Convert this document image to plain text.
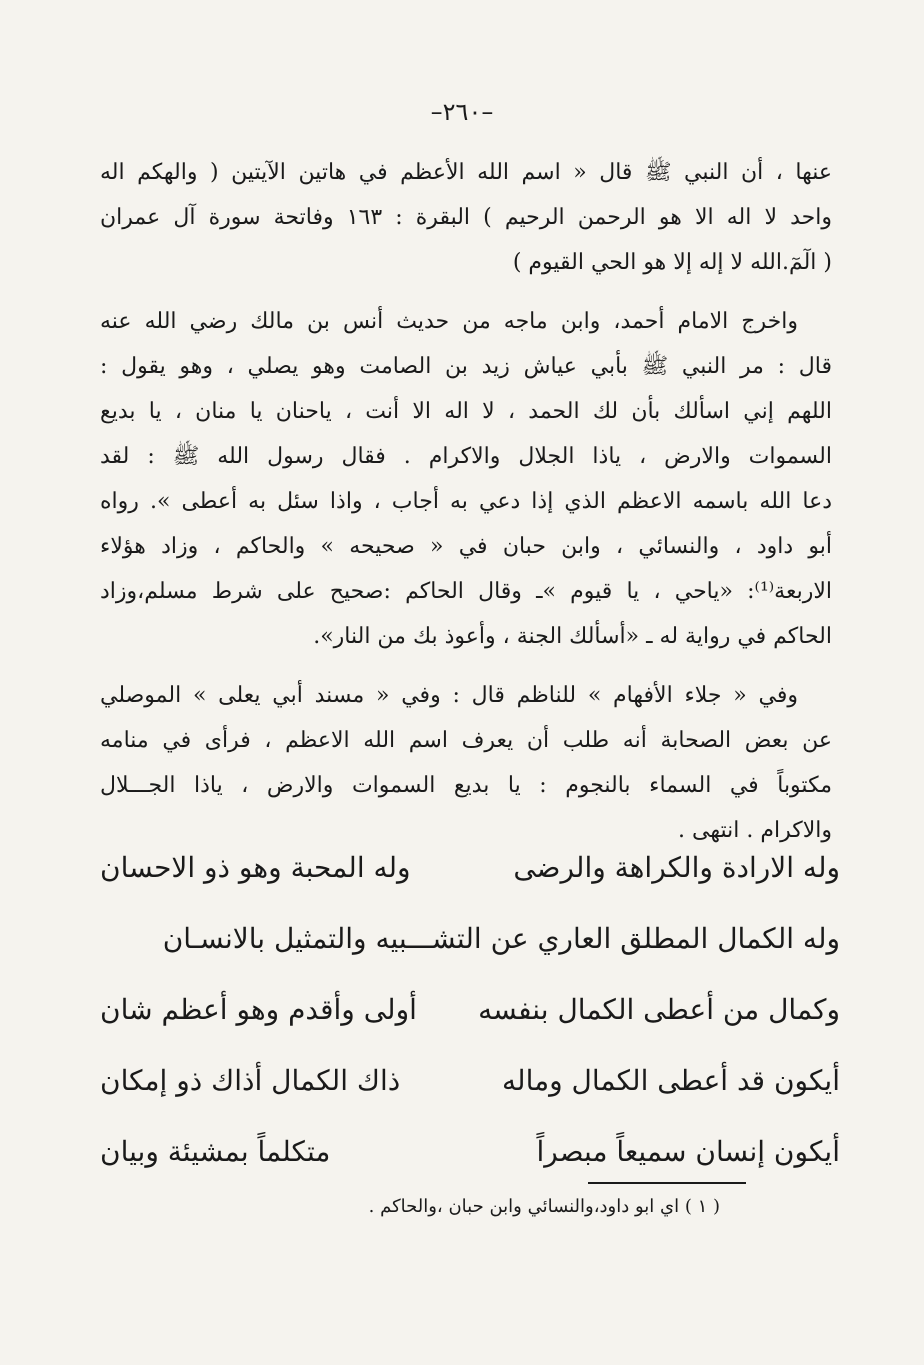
–٢٦٠–
عنها ، أن النبي ﷺ قال « اسم الله الأعظم في هاتين الآيتين ( والهكم اله
واحد لا اله الا هو الرحمن الرحيم ) البقرة : ١٦٣ وفاتحة سورة آل عمران
( الٓمٓ.الله لا إله إلا هو الحي القيوم )
واخرج الامام أحمد، وابن ماجه من حديث أنس بن مالك رضي الله عنه
قال : مر النبي ﷺ بأبي عياش زيد بن الصامت وهو يصلي ، وهو يقول :
اللهم إني اسألك بأن لك الحمد ، لا اله الا أنت ، ياحنان يا منان ، يا بديع
السموات والارض ، ياذا الجلال والاكرام . فقال رسول الله ﷺ : لقد
دعا الله باسمه الاعظم الذي إذا دعي به أجاب ، واذا سئل به أعطى ». رواه
أبو داود ، والنسائي ، وابن حبان في « صحيحه » والحاكم ، وزاد هؤلاء
الاربعة⁽¹⁾: «ياحي ، يا قيوم »ـ وقال الحاكم :صحيح على شرط مسلم،وزاد
الحاكم في رواية له ـ «أسألك الجنة ، وأعوذ بك من النار».
وفي « جلاء الأفهام » للناظم قال : وفي « مسند أبي يعلى » الموصلي
عن بعض الصحابة أنه طلب أن يعرف اسم الله الاعظم ، فرأى في منامه
مكتوباً في السماء بالنجوم : يا بديع السموات والارض ، ياذا الجـــلال
والاكرام . انتهى .
وله الارادة والكراهة والرضى
وله المحبة وهو ذو الاحسان
وله الكمال المطلق العاري عن التشـــبيه والتمثيل بالانسـان
وكمال من أعطى الكمال بنفسه
أولى وأقدم وهو أعظم شان
أيكون قد أعطى الكمال وماله
ذاك الكمال أذاك ذو إمكان
أيكون إنسان سميعاً مبصراً
متكلماً بمشيئة وبيان
( ١ ) اي ابو داود،والنسائي وابن حبان ،والحاكم .
